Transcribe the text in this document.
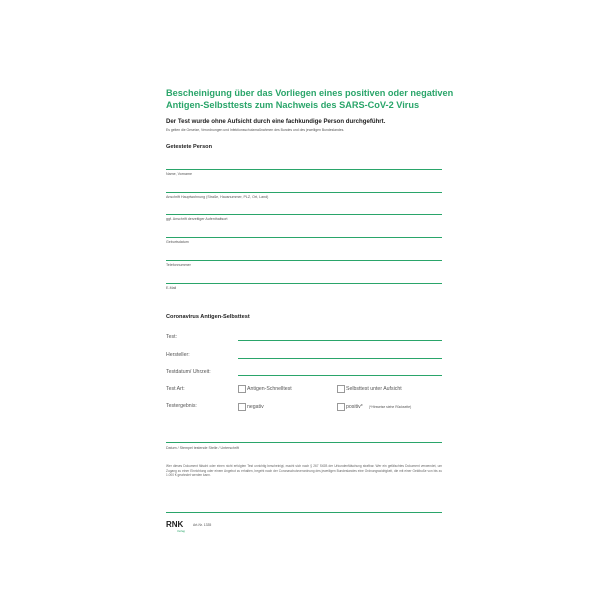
Bescheinigung über das Vorliegen eines positiven oder negativen
Antigen-Selbsttests zum Nachweis des SARS-CoV-2 Virus
Der Test wurde ohne Aufsicht durch eine fachkundige Person durchgeführt.
Es gelten die Gesetze, Verordnungen und Infektionsschutzmaßnahmen des Bundes und des jeweiligen Bundeslandes.
Getestete Person
Name, Vorname
Anschrift Hauptwohnung (Straße, Hausnummer, PLZ, Ort, Land)
ggf. Anschrift derzeitiger Aufenthaltsort
Geburtsdatum
Telefonnummer
E-Mail
Coronavirus Antigen-Selbsttest
Test:
Hersteller:
Testdatum/ Uhrzeit:
Test Art:	Antigen-Schnelltest	Selbsttest unter Aufsicht
Testergebnis:	negativ	positiv* (*Hinweise siehe Rückseite)
Datum / Stempel testende Stelle / Unterschrift
Wer dieses Dokument fälscht oder einen nicht erfolgten Test unrichtig bescheinigt, macht sich nach § 267 StGB der Urkundenfälschung strafbar. Wer ein gefälschtes Dokument verwendet, um Zugang zu einer Einrichtung oder einem Angebot zu erhalten, begeht nach der Coronaschutzverordnung des jeweiligen Bundeslandes eine Ordnungswidrigkeit, die mit einer Geldbuße von bis zu 1.000 € geahndet werden kann.
RNK
Verlag
Art-Nr. 1335
